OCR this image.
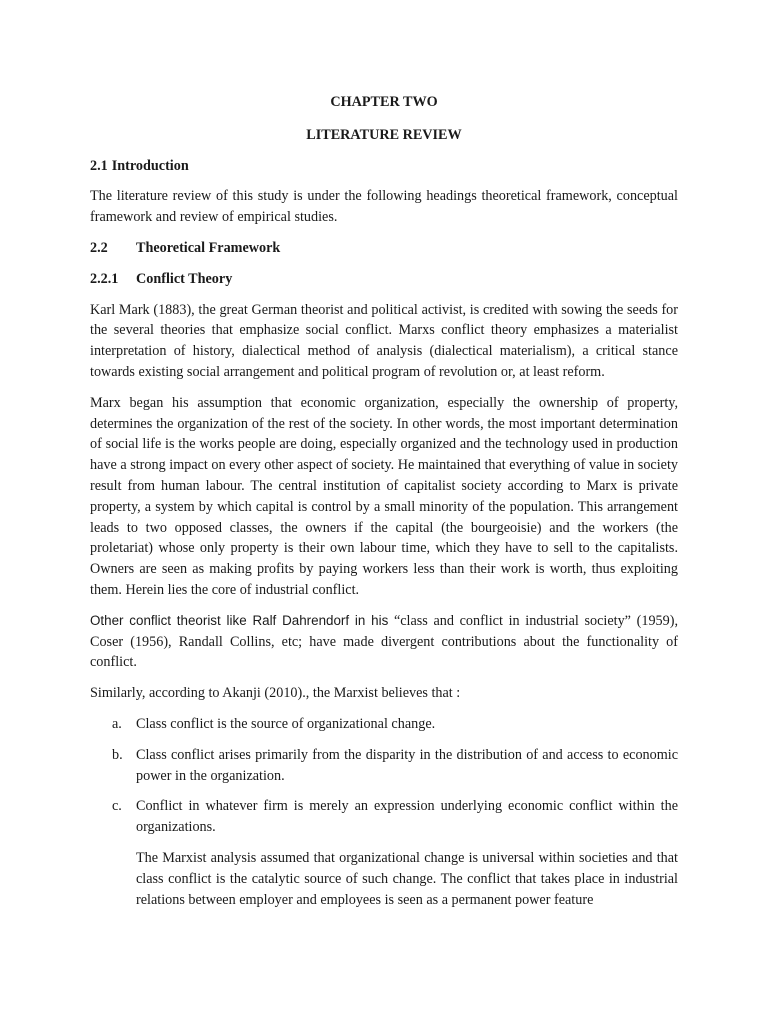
CHAPTER TWO

LITERATURE REVIEW

2.1 Introduction

The literature review of this study is under the following headings theoretical framework, conceptual framework and review of empirical studies.

2.2 Theoretical Framework

2.2.1 Conflict Theory

Karl Mark (1883), the great German theorist and political activist, is credited with sowing the seeds for the several theories that emphasize social conflict. Marxs conflict theory emphasizes a materialist interpretation of history, dialectical method of analysis (dialectical materialism), a critical stance towards existing social arrangement and political program of revolution or, at least reform.

Marx began his assumption that economic organization, especially the ownership of property, determines the organization of the rest of the society. In other words, the most important determination of social life is the works people are doing, especially organized and the technology used in production have a strong impact on every other aspect of society. He maintained that everything of value in society result from human labour. The central institution of capitalist society according to Marx is private property, a system by which capital is control by a small minority of the population. This arrangement leads to two opposed classes, the owners if the capital (the bourgeoisie) and the workers (the proletariat) whose only property is their own labour time, which they have to sell to the capitalists. Owners are seen as making profits by paying workers less than their work is worth, thus exploiting them. Herein lies the core of industrial conflict.

Other conflict theorist like Ralf Dahrendorf in his “class and conflict in industrial society” (1959), Coser (1956), Randall Collins, etc; have made divergent contributions about the functionality of conflict.

Similarly, according to Akanji (2010)., the Marxist believes that :

a. Class conflict is the source of organizational change.
b. Class conflict arises primarily from the disparity in the distribution of and access to economic power in the organization.
c. Conflict in whatever firm is merely an expression underlying economic conflict within the organizations.

The Marxist analysis assumed that organizational change is universal within societies and that class conflict is the catalytic source of such change. The conflict that takes place in industrial relations between employer and employees is seen as a permanent power feature
